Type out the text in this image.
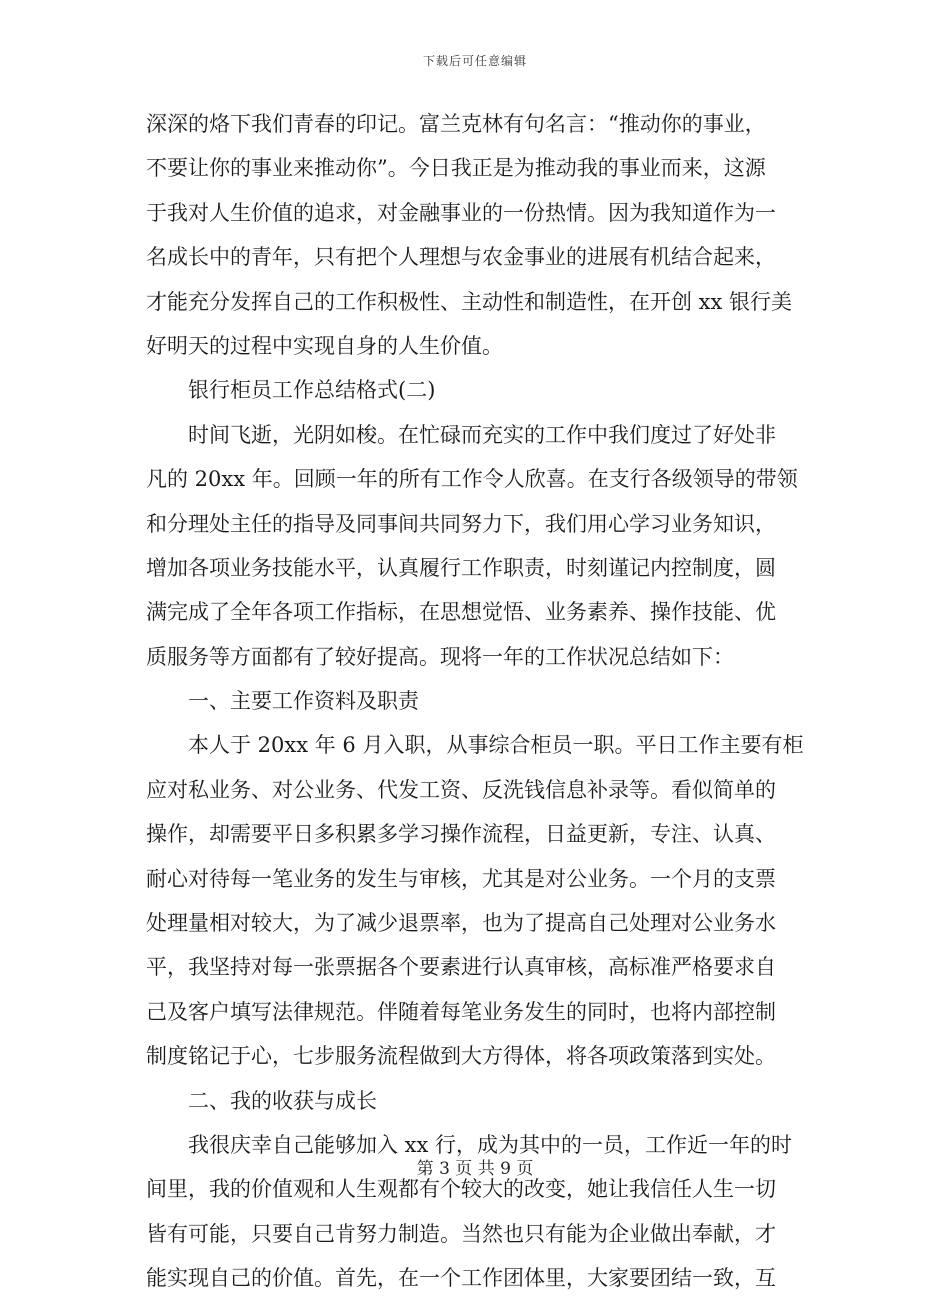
下载后可任意编辑
深深的烙下我们青春的印记。富兰克林有句名言：“推动你的事业，
不要让你的事业来推动你”。今日我正是为推动我的事业而来，这源
于我对人生价值的追求，对金融事业的一份热情。因为我知道作为一
名成长中的青年，只有把个人理想与农金事业的进展有机结合起来，
才能充分发挥自己的工作积极性、主动性和制造性，在开创 xx 银行美
好明天的过程中实现自身的人生价值。
银行柜员工作总结格式(二)
时间飞逝，光阴如梭。在忙碌而充实的工作中我们度过了好处非
凡的 20xx 年。回顾一年的所有工作令人欣喜。在支行各级领导的带领
和分理处主任的指导及同事间共同努力下，我们用心学习业务知识，
增加各项业务技能水平，认真履行工作职责，时刻谨记内控制度，圆
满完成了全年各项工作指标，在思想觉悟、业务素养、操作技能、优
质服务等方面都有了较好提高。现将一年的工作状况总结如下：
一、主要工作资料及职责
本人于 20xx 年 6 月入职，从事综合柜员一职。平日工作主要有柜
应对私业务、对公业务、代发工资、反洗钱信息补录等。看似简单的
操作，却需要平日多积累多学习操作流程，日益更新，专注、认真、
耐心对待每一笔业务的发生与审核，尤其是对公业务。一个月的支票
处理量相对较大，为了减少退票率，也为了提高自己处理对公业务水
平，我坚持对每一张票据各个要素进行认真审核，高标准严格要求自
己及客户填写法律规范。伴随着每笔业务发生的同时，也将内部控制
制度铭记于心，七步服务流程做到大方得体，将各项政策落到实处。
二、我的收获与成长
我很庆幸自己能够加入 xx 行，成为其中的一员，工作近一年的时
间里，我的价值观和人生观都有个较大的改变，她让我信任人生一切
皆有可能，只要自己肯努力制造。当然也只有能为企业做出奉献，才
能实现自己的价值。首先，在一个工作团体里，大家要团结一致，互
第 3 页 共 9 页
